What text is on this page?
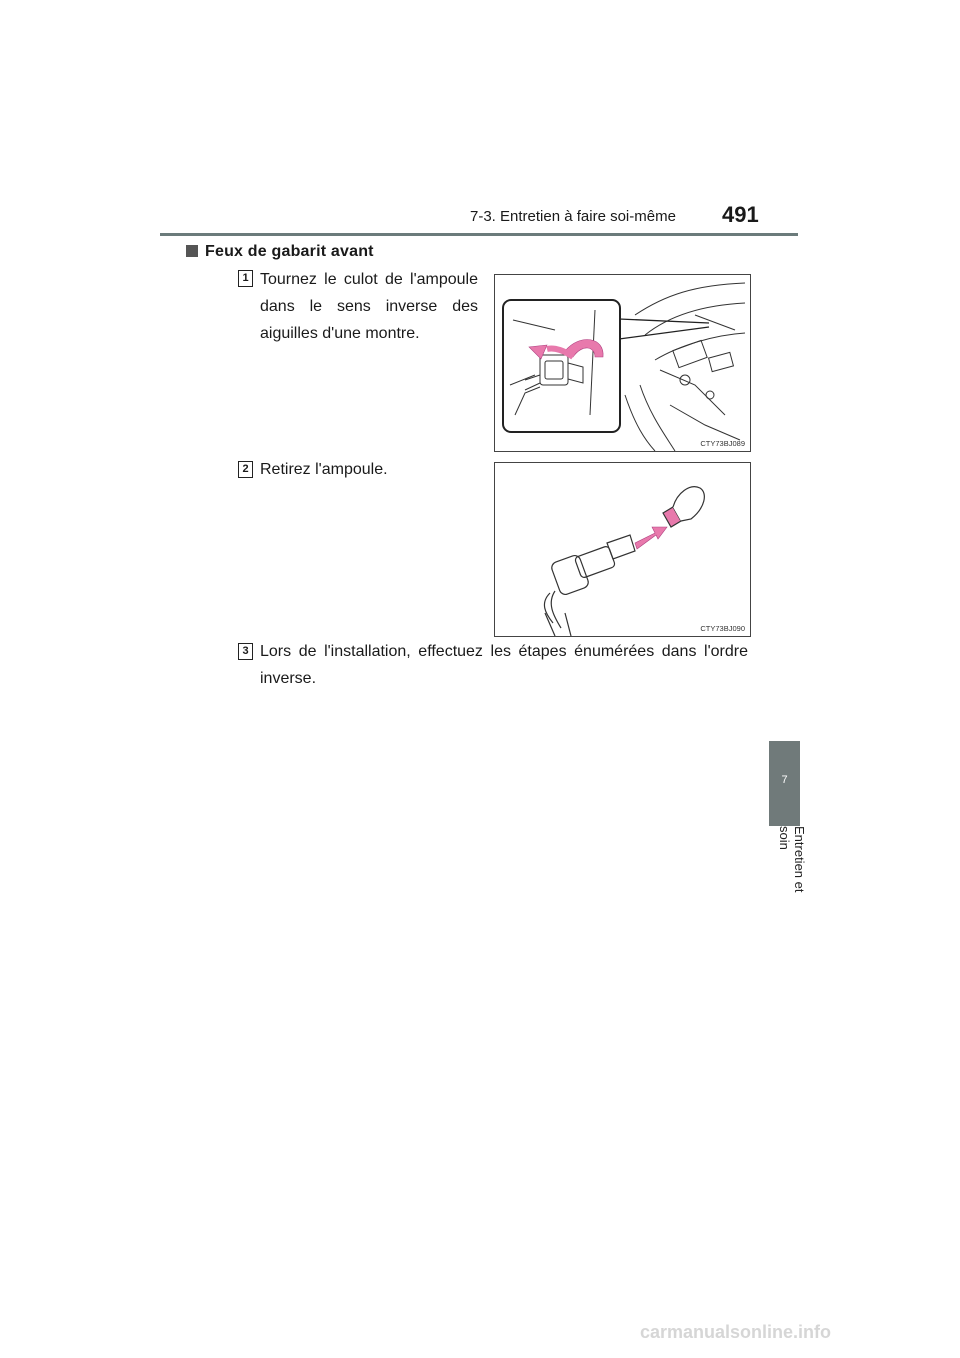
7-3. Entretien à faire soi-même 491
Feux de gabarit avant
1 Tournez le culot de l'ampoule dans le sens inverse des aiguilles d'une montre.
CTY73BJ089
2 Retirez l'ampoule.
CTY73BJ090
3 Lors de l'installation, effectuez les étapes énumérées dans l'ordre inverse.
7
Entretien et soin
carmanualsonline.info
